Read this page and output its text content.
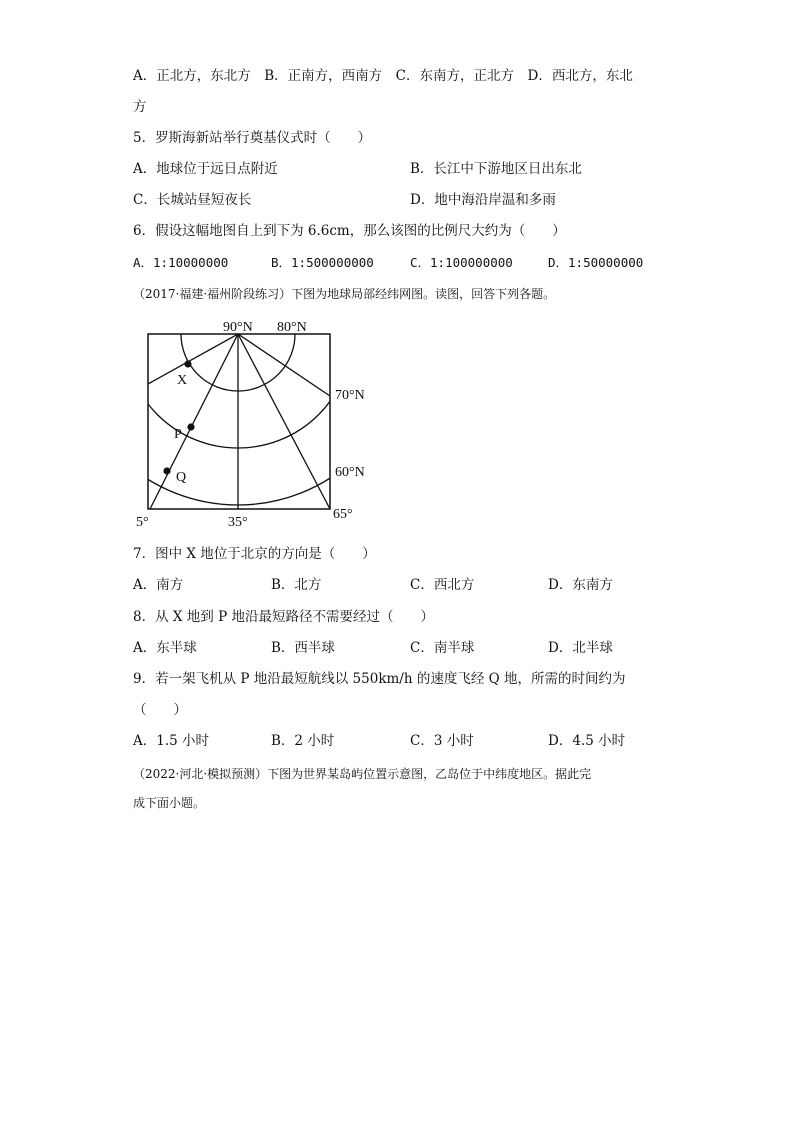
A．正北方，东北方　B．正南方，西南方　C．东南方，正北方　D．西北方，东北
方
5．罗斯海新站举行奠基仪式时（　　）
A．地球位于远日点附近	B．长江中下游地区日出东北
C．长城站昼短夜长	D．地中海沿岸温和多雨
6．假设这幅地图自上到下为 6.6cm，那么该图的比例尺大约为（　　）
A．1:10000000	B．1:500000000	C．1:100000000	D．1:50000000
（2017·福建·福州阶段练习）下图为地球局部经纬网图。读图，回答下列各题。
90°N 80°N
70°N
60°N
5°	35°
65°
X
P
Q
7．图中 X 地位于北京的方向是（　　）
A．南方	B．北方	C．西北方	D．东南方
8．从 X 地到 P 地沿最短路径不需要经过（　　）
A．东半球	B．西半球	C．南半球	D．北半球
9．若一架飞机从 P 地沿最短航线以 550km/h 的速度飞经 Q 地，所需的时间约为
（　　）
A．1.5 小时	B．2 小时	C．3 小时	D．4.5 小时
（2022·河北·模拟预测）下图为世界某岛屿位置示意图，乙岛位于中纬度地区。据此完
成下面小题。
